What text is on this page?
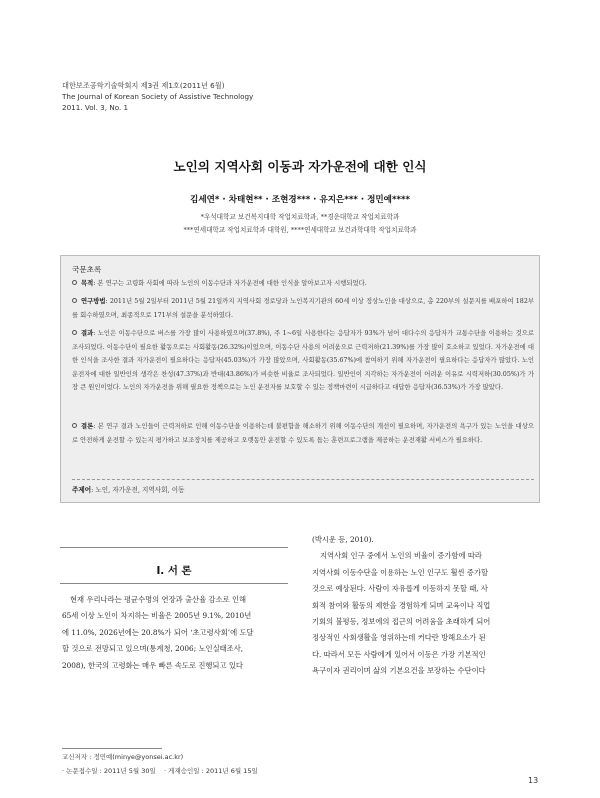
대한보조공학기술학회지 제3권 제1호(2011년 6월)
The Journal of Korean Society of Assistive Technology
2011. Vol. 3, No. 1
노인의 지역사회 이동과 자가운전에 대한 인식
김세연* · 차태현** · 조현경*** · 유지은*** · 정민예****
*우석대학교 보건복지대학 작업치료학과, **경운대학교 작업치료학과
***연세대학교 작업치료학과 대학원, ****연세대학교 보건과학대학 작업치료학과
국문초록
목적: 본 연구는 고령화 사회에 따라 노인의 이동수단과 자가운전에 대한 인식을 알아보고자 시행되었다.
연구방법: 2011년 5월 2일부터 2011년 5월 21일까지 지역사회 경로당과 노인복지기관의 60세 이상 정상노인을 대상으로, 총 220부의 설문지를 배포하여 182부를 회수하였으며, 최종적으로 171부의 설문을 분석하였다.
결과: 노인은 이동수단으로 버스를 가장 많이 사용하였으며(37.8%), 주 1~6일 사용한다는 응답자가 93%가 넘어 대다수의 응답자가 교통수단을 이용하는 것으로 조사되었다. 이동수단이 필요한 활동으로는 사회활동(26.32%)이었으며, 이동수단 사용의 어려움으로 근력저하(21.39%)를 가장 많이 호소하고 있었다. 자가운전에 대한 인식을 조사한 결과 자가운전이 필요하다는 응답자(45.03%)가 가장 많았으며, 사회활동(35.67%)에 참여하기 위해 자가운전이 필요하다는 응답자가 많았다. 노인 운전자에 대한 일반인의 생각은 찬성(47.37%)과 반대(43.86%)가 비슷한 비율로 조사되었다. 일반인이 지각하는 자가운전이 어려운 이유로 시력저하(30.05%)가 가장 큰 원인이었다. 노인의 자가운전을 위해 필요한 정책으로는 노인 운전자를 보호할 수 있는 정책마련이 시급하다고 대답한 응답자(36.53%)가 가장 많았다.
결론: 본 연구 결과 노인들이 근력저하로 인해 이동수단을 이용하는데 불편함을 해소하기 위해 이동수단의 개선이 필요하며, 자가운전의 욕구가 있는 노인을 대상으로 안전하게 운전할 수 있는지 평가하고 보조장치를 제공하고 오랫동안 운전할 수 있도록 돕는 훈련프로그램을 제공하는 운전재활 서비스가 필요하다.
주제어: 노인, 자가운전, 지역사회, 이동
I. 서 론
현재 우리나라는 평균수명의 연장과 출산율 감소로 인해
65세 이상 노인이 차지하는 비율은 2005년 9.1%, 2010년
에 11.0%, 2026년에는 20.8%가 되어 ‘초고령사회’에 도달
할 것으로 전망되고 있으며(통계청, 2006; 노인실태조사,
2008), 한국의 고령화는 매우 빠른 속도로 진행되고 있다
(박시운 등, 2010).
지역사회 인구 중에서 노인의 비율이 증가함에 따라
지역사회 이동수단을 이용하는 노인 인구도 훨씬 증가할
것으로 예상된다. 사람이 자유롭게 이동하지 못할 때, 사
회적 참여와 활동의 제한을 경험하게 되며 교육이나 직업
기회의 불평등, 정보에의 접근의 어려움을 초래하게 되어
정상적인 사회생활을 영위하는데 커다란 방해요소가 된
다. 따라서 모든 사람에게 있어서 이동은 가장 기본적인
욕구이자 권리이며 삶의 기본요건을 보장하는 수단이다
교신저자 : 정민예(minye@yonsei.ac.kr)
· 논문접수일 : 2011년 5월 30일    · 게재승인일 : 2011년 6월 15일
13
